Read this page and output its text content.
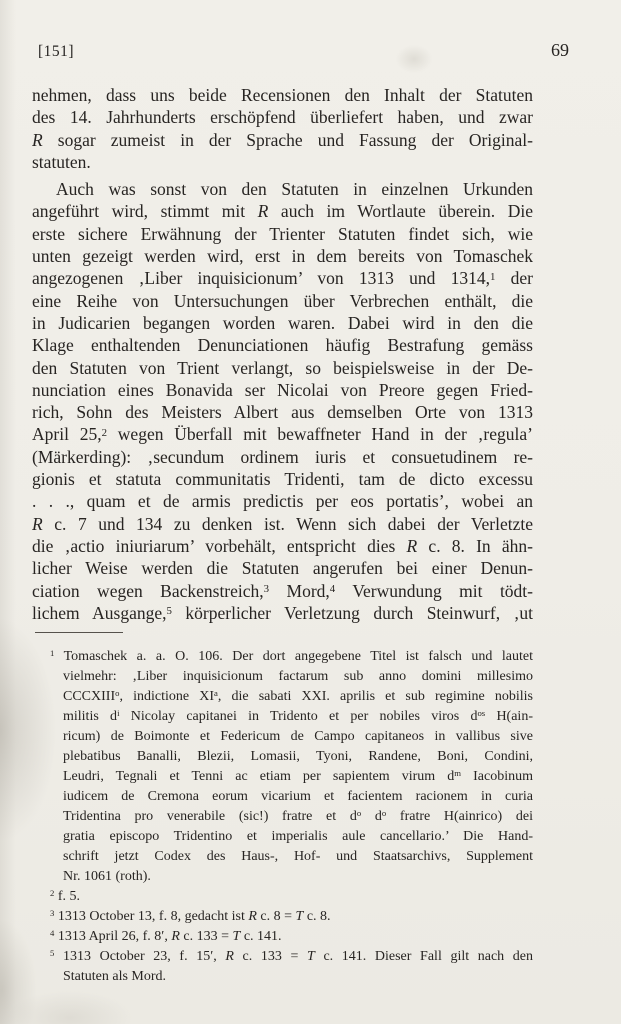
[151]	69
nehmen, dass uns beide Recensionen den Inhalt der Statuten
des 14. Jahrhunderts erschöpfend überliefert haben, und zwar
R sogar zumeist in der Sprache und Fassung der Original-
statuten.
Auch was sonst von den Statuten in einzelnen Urkunden
angeführt wird, stimmt mit R auch im Wortlaute überein. Die
erste sichere Erwähnung der Trienter Statuten findet sich, wie
unten gezeigt werden wird, erst in dem bereits von Tomaschek
angezogenen ‚Liber inquisicionum’ von 1313 und 1314,$^1$ der
eine Reihe von Untersuchungen über Verbrechen enthält, die
in Judicarien begangen worden waren. Dabei wird in den die
Klage enthaltenden Denunciationen häufig Bestrafung gemäss
den Statuten von Trient verlangt, so beispielsweise in der De-
nunciation eines Bonavida ser Nicolai von Preore gegen Fried-
rich, Sohn des Meisters Albert aus demselben Orte von 1313
April 25,$^2$ wegen Überfall mit bewaffneter Hand in der ‚regula’
(Märkerding): ‚secundum ordinem iuris et consuetudinem re-
gionis et statuta communitatis Tridenti, tam de dicto excessu
. . ., quam et de armis predictis per eos portatis’, wobei an
R c. 7 und 134 zu denken ist. Wenn sich dabei der Verletzte
die ‚actio iniuriarum’ vorbehält, entspricht dies R c. 8. In ähn-
licher Weise werden die Statuten angerufen bei einer Denun-
ciation wegen Backenstreich,$^3$ Mord,$^4$ Verwundung mit tödt-
lichem Ausgange,$^5$ körperlicher Verletzung durch Steinwurf, ‚ut
$^1$ Tomaschek a. a. O. 106. Der dort angegebene Titel ist falsch und lautet
vielmehr: ‚Liber inquisicionum factarum sub anno domini millesimo
CCCXIII$^o$, indictione $XI^a$, die sabati XXI. aprilis et sub regimine nobilis
militis $d^i$ Nicolay capitanei in Tridento et per nobiles viros $d^{os}$ H(ain-
ricum) de Boimonte et Federicum de Campo capitaneos in vallibus sive
plebatibus Banalli, Blezii, Lomasii, Tyoni, Randene, Boni, Condini,
Leudri, Tegnali et Tenni ac etiam per sapientem virum $d^m$ Iacobinum
iudicem de Cremona eorum vicarium et facientem racionem in curia
Tridentina pro venerabile (sic!) fratre et $d^o$ $d^o$ fratre H(ainrico) dei
gratia episcopo Tridentino et imperialis aule cancellario.’ Die Hand-
schrift jetzt Codex des Haus-, Hof- und Staatsarchivs, Supplement
Nr. 1061 (roth).
$^2$ f. 5.
$^3$ 1313 October 13, f. 8, gedacht ist R c. 8 = T c. 8.
$^4$ 1313 April 26, f. 8′, R c. 133 = T c. 141.
$^5$ 1313 October 23, f. 15′, R c. 133 = T c. 141. Dieser Fall gilt nach den
Statuten als Mord.
